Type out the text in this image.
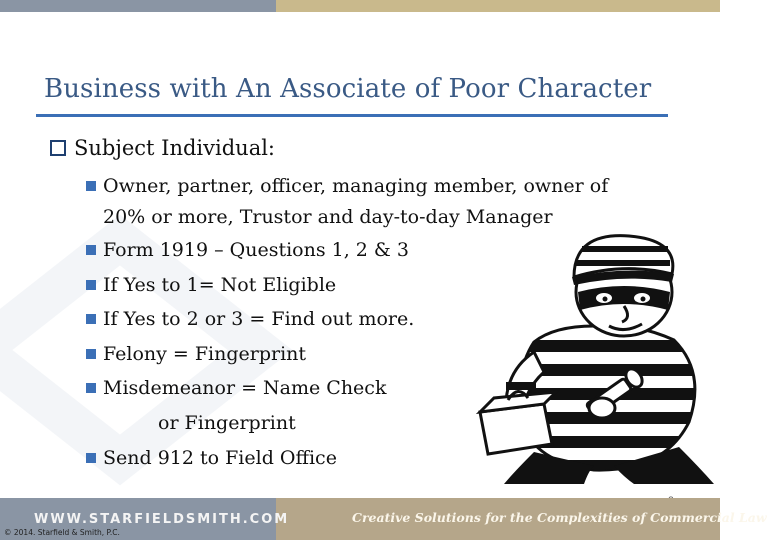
Business with An Associate of Poor Character
Subject Individual:
Owner, partner, officer, managing member, owner of
20% or more, Trustor and day-to-day Manager
Form 1919 – Questions 1, 2 & 3
If Yes to 1= Not Eligible
If Yes to 2 or 3 = Find out more.
Felony = Fingerprint
Misdemeanor = Name Check
or Fingerprint
Send 912 to Field Office
WWW.STARFIELDSMITH.COM	Creative Solutions for the Complexities of Commercial Law
© 2014. Starfield & Smith, P.C.
